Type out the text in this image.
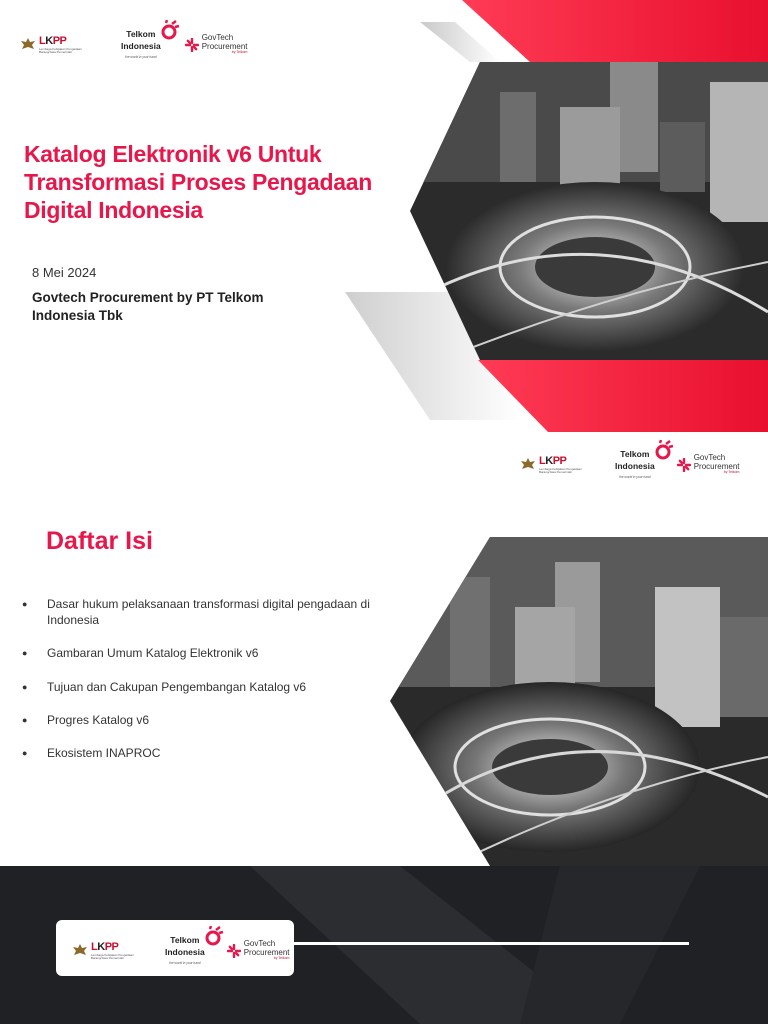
LKPP
Lembaga Kebijakan Pengadaan Barang/Jasa Pemerintah
Telkom
Indonesia
the world in your hand
GovTech
Procurement
by Telkom
Katalog Elektronik v6 Untuk Transformasi Proses Pengadaan Digital Indonesia
8 Mei 2024
Govtech Procurement by PT Telkom Indonesia Tbk
LKPP
Lembaga Kebijakan Pengadaan Barang/Jasa Pemerintah
Telkom
Indonesia
the world in your hand
GovTech
Procurement
by Telkom
Daftar Isi
●	Dasar hukum pelaksanaan transformasi digital pengadaan di Indonesia
●	Gambaran Umum Katalog Elektronik v6
●	Tujuan dan Cakupan Pengembangan Katalog v6
●	Progres Katalog v6
●	Ekosistem INAPROC
LKPP
Lembaga Kebijakan Pengadaan Barang/Jasa Pemerintah
Telkom
Indonesia
the world in your hand
GovTech
Procurement
by Telkom
